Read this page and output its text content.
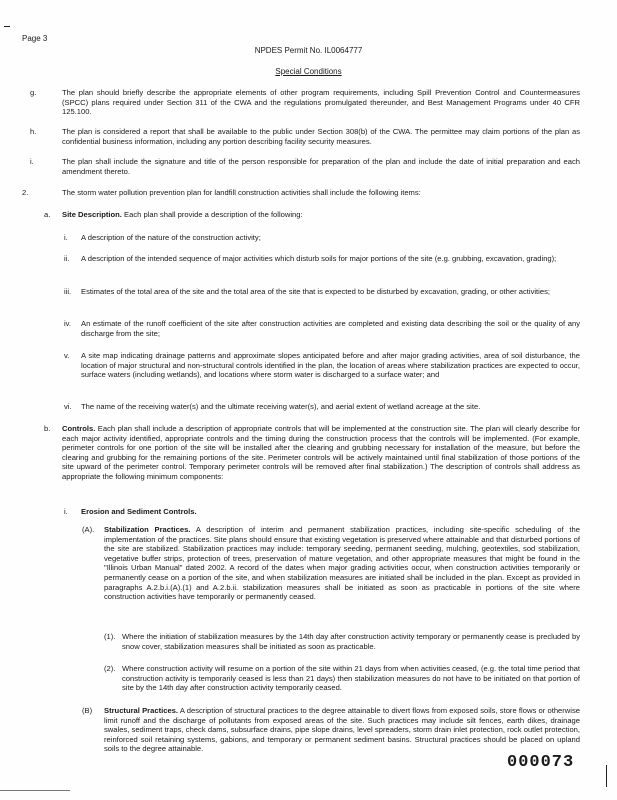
Page 3
NPDES Permit No. IL0064777
Special Conditions
g.	The plan should briefly describe the appropriate elements of other program requirements, including Spill Prevention Control and Countermeasures (SPCC) plans required under Section 311 of the CWA and the regulations promulgated thereunder, and Best Management Programs under 40 CFR 125.100.
h.	The plan is considered a report that shall be available to the public under Section 308(b) of the CWA. The permittee may claim portions of the plan as confidential business information, including any portion describing facility security measures.
i.	The plan shall include the signature and title of the person responsible for preparation of the plan and include the date of initial preparation and each amendment thereto.
2.	The storm water pollution prevention plan for landfill construction activities shall include the following items:
a. Site Description. Each plan shall provide a description of the following:
i. A description of the nature of the construction activity;
ii. A description of the intended sequence of major activities which disturb soils for major portions of the site (e.g. grubbing, excavation, grading);
iii. Estimates of the total area of the site and the total area of the site that is expected to be disturbed by excavation, grading, or other activities;
iv. An estimate of the runoff coefficient of the site after construction activities are completed and existing data describing the soil or the quality of any discharge from the site;
v. A site map indicating drainage patterns and approximate slopes anticipated before and after major grading activities, area of soil disturbance, the location of major structural and non-structural controls identified in the plan, the location of areas where stabilization practices are expected to occur, surface waters (including wetlands), and locations where storm water is discharged to a surface water; and
vi. The name of the receiving water(s) and the ultimate receiving water(s), and aerial extent of wetland acreage at the site.
b. Controls. Each plan shall include a description of appropriate controls that will be implemented at the construction site. The plan will clearly describe for each major activity identified, appropriate controls and the timing during the construction process that the controls will be implemented. (For example, perimeter controls for one portion of the site will be installed after the clearing and grubbing necessary for installation of the measure, but before the clearing and grubbing for the remaining portions of the site. Perimeter controls will be actively maintained until final stabilization of those portions of the site upward of the perimeter control. Temporary perimeter controls will be removed after final stabilization.) The description of controls shall address as appropriate the following minimum components:
i. Erosion and Sediment Controls.
(A). Stabilization Practices. A description of interim and permanent stabilization practices, including site-specific scheduling of the implementation of the practices. Site plans should ensure that existing vegetation is preserved where attainable and that disturbed portions of the site are stabilized. Stabilization practices may include: temporary seeding, permanent seeding, mulching, geotextiles, sod stabilization, vegetative buffer strips, protection of trees, preservation of mature vegetation, and other appropriate measures that might be found in the "Illinois Urban Manual" dated 2002. A record of the dates when major grading activities occur, when construction activities temporarily or permanently cease on a portion of the site, and when stabilization measures are initiated shall be included in the plan. Except as provided in paragraphs A.2.b.i.(A).(1) and A.2.b.ii. stabilization measures shall be initiated as soon as practicable in portions of the site where construction activities have temporarily or permanently ceased.
(1). Where the initiation of stabilization measures by the 14th day after construction activity temporary or permanently cease is precluded by snow cover, stabilization measures shall be initiated as soon as practicable.
(2). Where construction activity will resume on a portion of the site within 21 days from when activities ceased, (e.g. the total time period that construction activity is temporarily ceased is less than 21 days) then stabilization measures do not have to be initiated on that portion of site by the 14th day after construction activity temporarily ceased.
(B) Structural Practices. A description of structural practices to the degree attainable to divert flows from exposed soils, store flows or otherwise limit runoff and the discharge of pollutants from exposed areas of the site. Such practices may include silt fences, earth dikes, drainage swales, sediment traps, check dams, subsurface drains, pipe slope drains, level spreaders, storm drain inlet protection, rock outlet protection, reinforced soil retaining systems, gabions, and temporary or permanent sediment basins. Structural practices should be placed on upland soils to the degree attainable.
000073
